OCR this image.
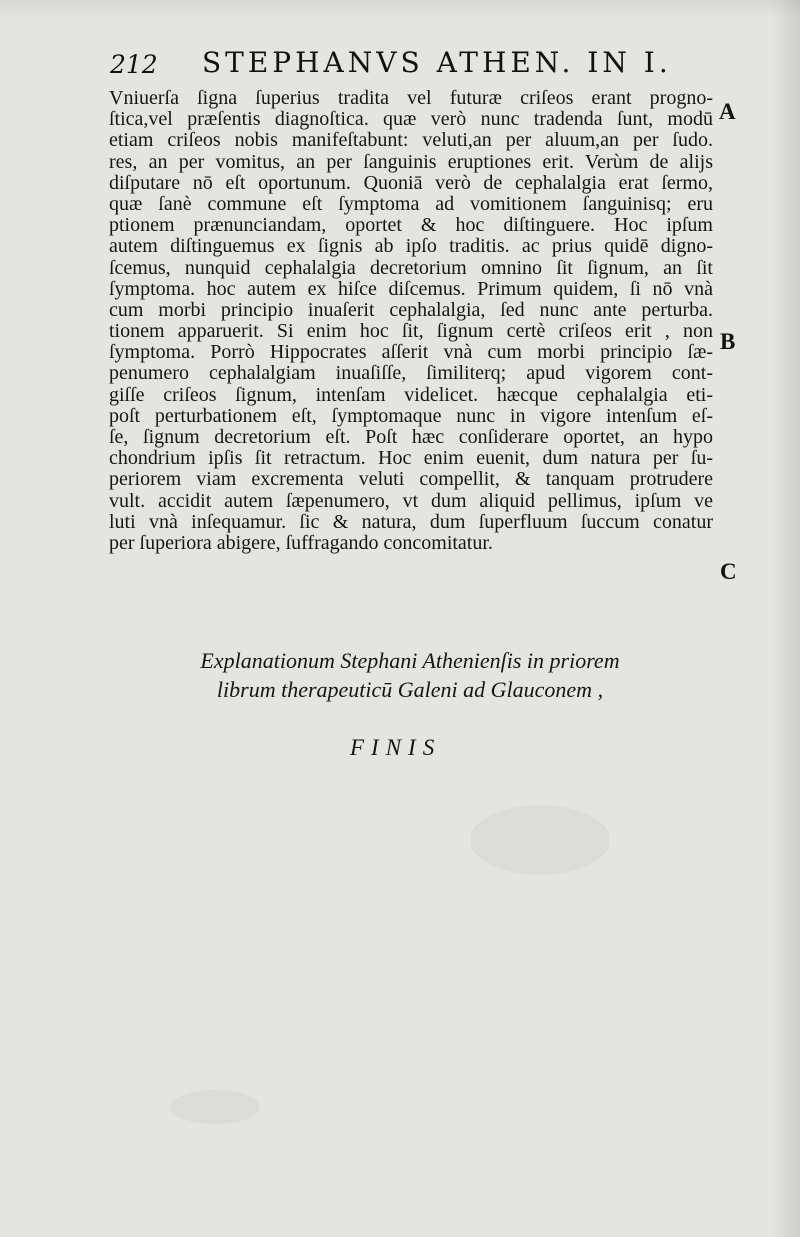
212 STEPHANVS ATHEN. IN I.
Vniuerſa ſigna ſuperius tradita vel futuræ criſeos erant progno-
ſtica,vel præſentis diagnoſtica. quæ verò nunc tradenda ſunt, modū
etiam criſeos nobis manifeſtabunt: veluti,an per aluum,an per ſudo.
res, an per vomitus, an per ſanguinis eruptiones erit. Verùm de alijs
diſputare nō eſt oportunum. Quoniā verò de cephalalgia erat ſermo,
quæ ſanè commune eſt ſymptoma ad vomitionem ſanguinisq; eru
ptionem prænunciandam, oportet & hoc diſtinguere. Hoc ipſum
autem diſtinguemus ex ſignis ab ipſo traditis. ac prius quidē digno-
ſcemus, nunquid cephalalgia decretorium omnino ſit ſignum, an ſit
ſymptoma. hoc autem ex hiſce diſcemus. Primum quidem, ſi nō vnà
cum morbi principio inuaſerit cephalalgia, ſed nunc ante perturba.
tionem apparuerit. Si enim hoc ſit, ſignum certè criſeos erit , non
ſymptoma. Porrò Hippocrates aſſerit vnà cum morbi principio ſæ-
penumero cephalalgiam inuaſiſſe, ſimiliterq; apud vigorem cont-
giſſe criſeos ſignum, intenſam videlicet. hæcque cephalalgia eti-
poſt perturbationem eſt, ſymptomaque nunc in vigore intenſum eſ-
ſe, ſignum decretorium eſt. Poſt hæc conſiderare oportet, an hypo
chondrium ipſis ſit retractum. Hoc enim euenit, dum natura per ſu-
periorem viam excrementa veluti compellit, & tanquam protrudere
vult. accidit autem ſæpenumero, vt dum aliquid pellimus, ipſum ve
luti vnà inſequamur. ſic & natura, dum ſuperfluum ſuccum conatur
per ſuperiora abigere, ſuffragando concomitatur.
A
B
C
Explanationum Stephani Athenienſis in priorem
librum therapeuticū Galeni ad Glauconem ,
FINIS
